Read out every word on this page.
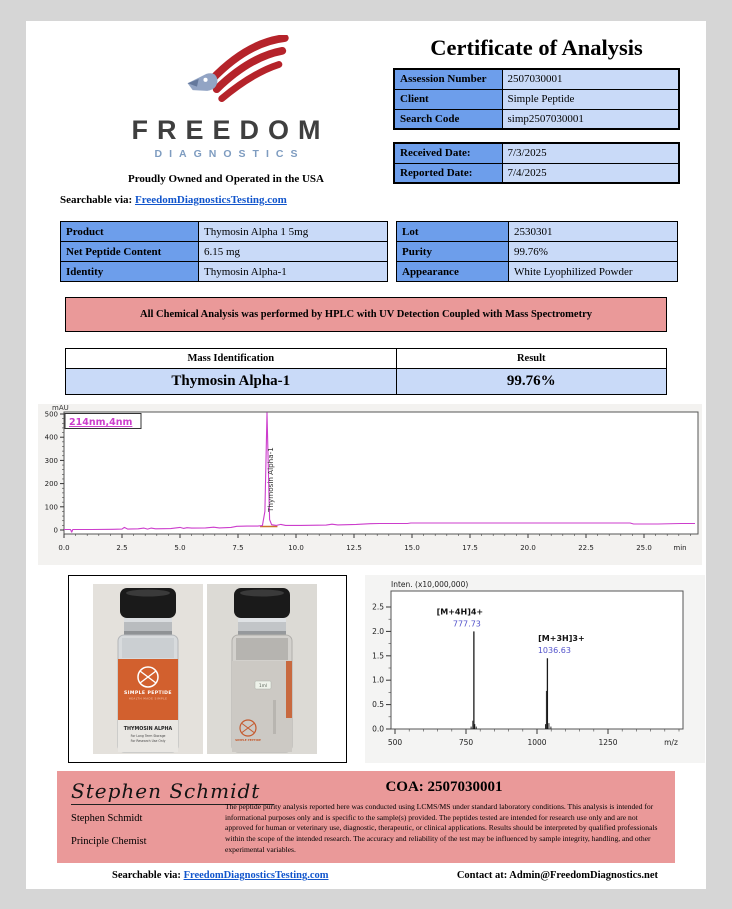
FREEDOM
DIAGNOSTICS
Proudly Owned and Operated in the USA
Searchable via: FreedomDiagnosticsTesting.com
Certificate of Analysis
Assession Number	2507030001
Client	Simple Peptide
Search Code	simp2507030001
Received Date:	7/3/2025
Reported Date:	7/4/2025
Product	Thymosin Alpha 1 5mg
Net Peptide Content	6.15 mg
Identity	Thymosin Alpha-1
Lot	2530301
Purity	99.76%
Appearance	White Lyophilized Powder
All Chemical Analysis was performed by HPLC with UV Detection Coupled with Mass Spectrometry
Mass Identification	Result
Thymosin Alpha-1	99.76%
0
100
200
300
400
500
0.0	2.5	5.0	7.5	10.0	12.5	15.0	17.5	20.0	22.5	25.0	min
mAU
214nm,4nm
Thymosin Alpha-1
SIMPLE PEPTIDE
HEALTH MADE SIMPLE
THYMOSIN ALPHA
For Long Term Storage
For Research Use Only
1ml
SIMPLE PEPTIDE
Inten. (x10,000,000)
0.0
0.5
1.0
1.5
2.0
2.5
500	750	1000	1250	m/z
[M+4H]4+
777.73
[M+3H]3+
1036.63
Stephen Schmidt
Stephen Schmidt
Principle Chemist
COA: 2507030001
The peptide purity analysis reported here was conducted using LCMS/MS under standard laboratory conditions. This analysis is intended for informational purposes only and is specific to the sample(s) provided. The peptides tested are intended for research use only and are not approved for human or veterinary use, diagnostic, therapeutic, or clinical applications. Results should be interpreted by qualified professionals within the scope of the intended research. The accuracy and reliability of the test may be influenced by sample integrity, handling, and other experimental variables.
Searchable via: FreedomDiagnosticsTesting.com	Contact at: Admin@FreedomDiagnostics.net
